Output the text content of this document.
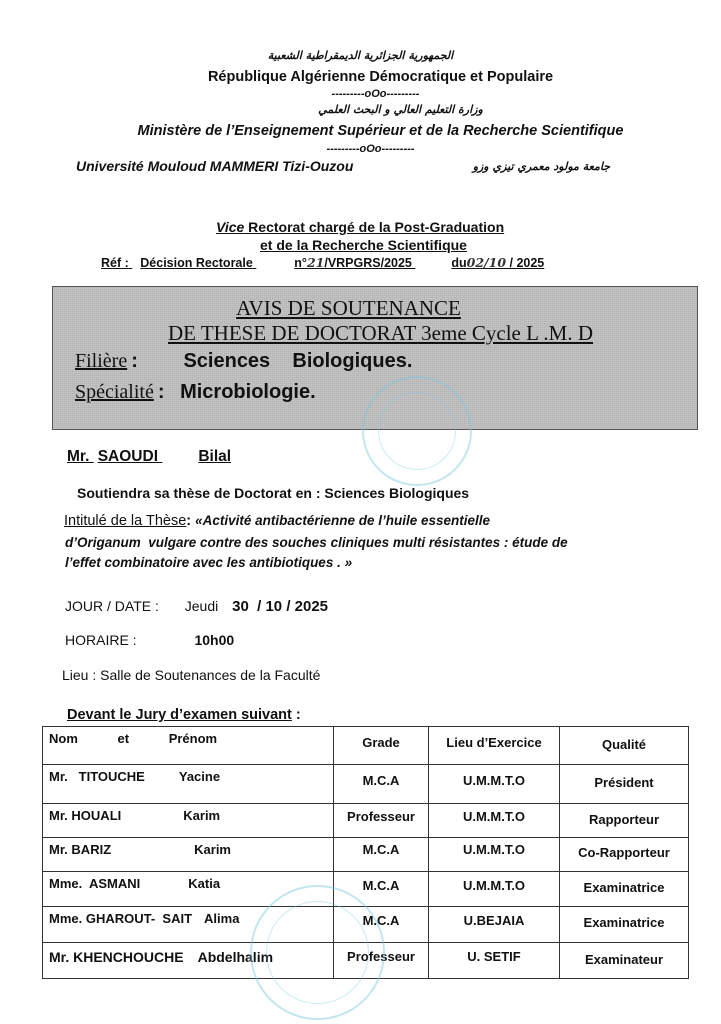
الجمهورية الجزائرية الديمقراطية الشعبية
République Algérienne Démocratique et Populaire
---------oOo---------
وزارة التعليم العالي و البحث العلمي
Ministère de l’Enseignement Supérieur et de la Recherche Scientifique
---------oOo---------
Université Mouloud MAMMERI Tizi-Ouzou	جامعة مولود معمري تيزي وزو
Vice Rectorat chargé de la Post-Graduation
et de la Recherche Scientifique
Réf : Décision Rectorale	n°21/VRPGRS/2025	du02/10 / 2025
AVIS DE SOUTENANCE
DE THESE DE DOCTORAT 3eme Cycle L .M. D
Filière : Sciences    Biologiques.
Spécialité : Microbiologie.
Mr. SAOUDI	Bilal
Soutiendra sa thèse de Doctorat en : Sciences Biologiques
Intitulé de la Thèse: «Activité antibactérienne de l’huile essentielle
d’Origanum  vulgare contre des souches cliniques multi résistantes : étude de
l’effet combinatoire avec les antibiotiques . »
JOUR / DATE : Jeudi 30  / 10 / 2025
HORAIRE :	10h00
Lieu : Salle de Soutenances de la Faculté
Devant le Jury d’examen suivant :
Nom et Prénom	Grade	Lieu d’Exercice	Qualité
Mr. TITOUCHE Yacine	M.C.A	U.M.M.T.O	Président
Mr. HOUALI Karim	Professeur	U.M.M.T.O	Rapporteur
Mr. BARIZ Karim	M.C.A	U.M.M.T.O	Co-Rapporteur
Mme. ASMANI Katia	M.C.A	U.M.M.T.O	Examinatrice
Mme. GHAROUT-  SAIT Alima	M.C.A	U.BEJAIA	Examinatrice
Mr. KHENCHOUCHE Abdelhalim	Professeur	U. SETIF	Examinateur
